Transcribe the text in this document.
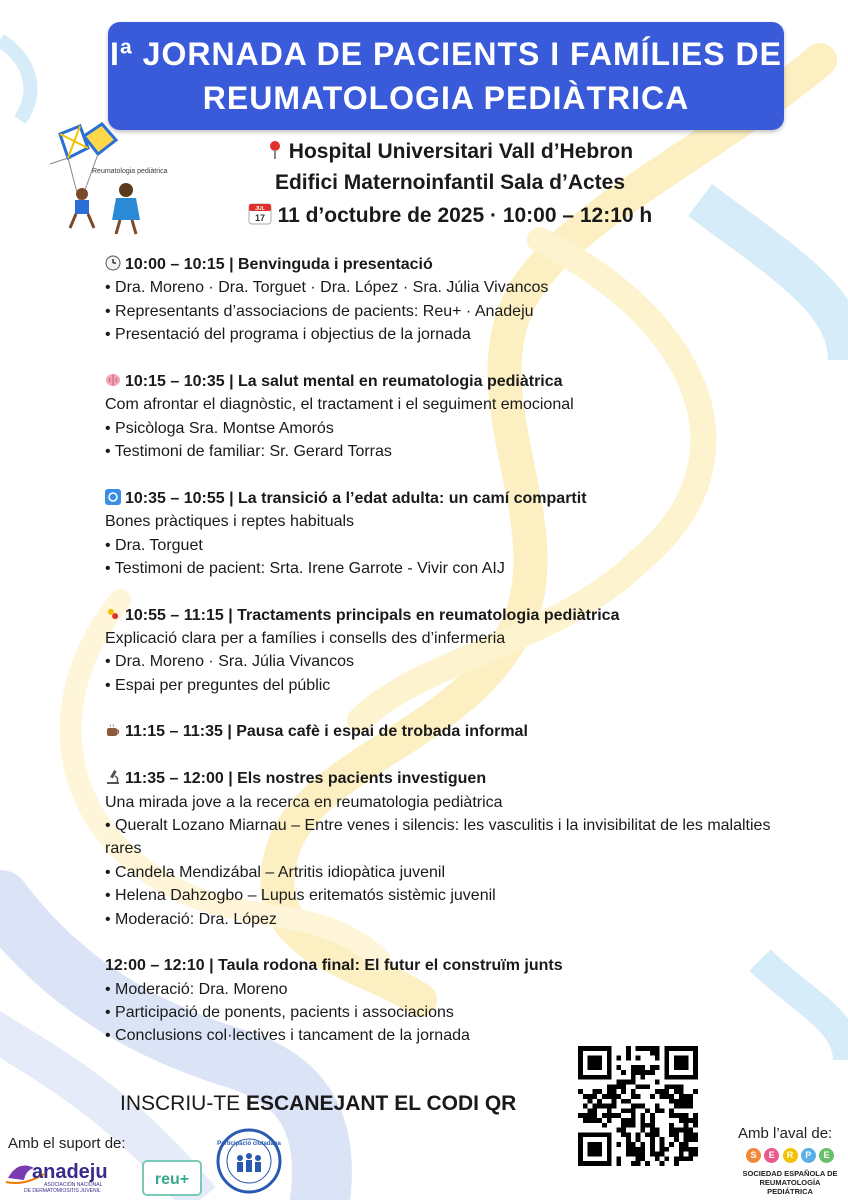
Iª JORNADA DE PACIENTS I FAMÍLIES DE
REUMATOLOGIA PEDIÀTRICA
Reumatologia pediàtrica
Hospital Universitari Vall d’Hebron
Edifici Maternoinfantil Sala d’Actes
JUL
17 11 d’octubre de 2025 · 10:00 – 12:10 h
10:00 – 10:15 | Benvinguda i presentació
• Dra. Moreno · Dra. Torguet · Dra. López · Sra. Júlia Vivancos
• Representants d’associacions de pacients: Reu+ · Anadeju
• Presentació del programa i objectius de la jornada
10:15 – 10:35 | La salut mental en reumatologia pediàtrica
Com afrontar el diagnòstic, el tractament i el seguiment emocional
• Psicòloga Sra. Montse Amorós
• Testimoni de familiar: Sr. Gerard Torras
10:35 – 10:55 | La transició a l’edat adulta: un camí compartit
Bones pràctiques i reptes habituals
• Dra. Torguet
• Testimoni de pacient: Srta. Irene Garrote - Vivir con AIJ
10:55 – 11:15 | Tractaments principals en reumatologia pediàtrica
Explicació clara per a famílies i consells des d’infermeria
• Dra. Moreno · Sra. Júlia Vivancos
• Espai per preguntes del públic
11:15 – 11:35 | Pausa cafè i espai de trobada informal
11:35 – 12:00 | Els nostres pacients investiguen
Una mirada jove a la recerca en reumatologia pediàtrica
• Queralt Lozano Miarnau – Entre venes i silencis: les vasculitis i la invisibilitat de les malalties rares
• Candela Mendizábal – Artritis idiopàtica juvenil
• Helena Dahzogbo – Lupus eritematós sistèmic juvenil
• Moderació: Dra. López
12:00 – 12:10 | Taula rodona final: El futur el construïm junts
• Moderació: Dra. Moreno
• Participació de ponents, pacients i associacions
• Conclusions col·lectives i tancament de la jornada
INSCRIU-TE ESCANEJANT EL CODI QR
Amb el suport de:
Amb l’aval de:
anadeju
ASOCIACIÓN NACIONAL
DE DERMATOMIOSITIS JUVENIL
reu+
Participació ciutadana
S	E	R	P	E
SOCIEDAD ESPAÑOLA DE
REUMATOLOGÍA PEDIÁTRICA
